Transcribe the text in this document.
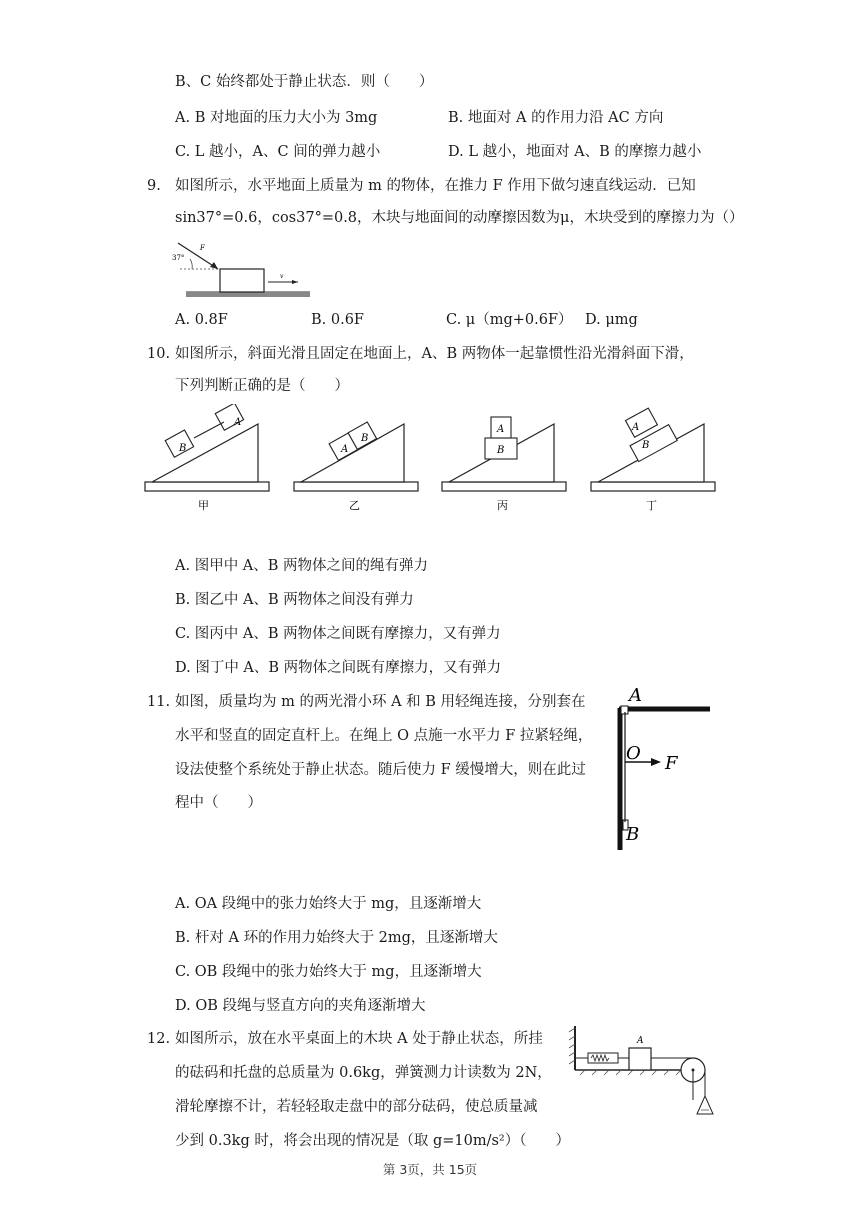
B、C 始终都处于静止状态．则（　　）
A. B 对地面的压力大小为 3mg	B. 地面对 A 的作用力沿 AC 方向
C. L 越小，A、C 间的弹力越小	D. L 越小，地面对 A、B 的摩擦力越小
9. 如图所示，水平地面上质量为 m 的物体，在推力 F 作用下做匀速直线运动．已知
sin37°=0.6，cos37°=0.8，木块与地面间的动摩擦因数为μ，木块受到的摩擦力为（）
37°
F
v
A. 0.8F	B. 0.6F	C. μ（mg+0.6F） D. μmg
10. 如图所示，斜面光滑且固定在地面上，A、B 两物体一起靠惯性沿光滑斜面下滑，
下列判断正确的是（　　）
B
A
甲
A
B
乙
A
B
丙
A
B
丁
A. 图甲中 A、B 两物体之间的绳有弹力
B. 图乙中 A、B 两物体之间没有弹力
C. 图丙中 A、B 两物体之间既有摩擦力，又有弹力
D. 图丁中 A、B 两物体之间既有摩擦力，又有弹力
11. 如图，质量均为 m 的两光滑小环 A 和 B 用轻绳连接，分别套在
水平和竖直的固定直杆上。在绳上 O 点施一水平力 F 拉紧轻绳，
设法使整个系统处于静止状态。随后使力 F 缓慢增大，则在此过
程中（　　）
A
O F
B
A. OA 段绳中的张力始终大于 mg，且逐渐增大
B. 杆对 A 环的作用力始终大于 2mg，且逐渐增大
C. OB 段绳中的张力始终大于 mg，且逐渐增大
D. OB 段绳与竖直方向的夹角逐渐增大
12. 如图所示，放在水平桌面上的木块 A 处于静止状态，所挂
的砝码和托盘的总质量为 0.6kg，弹簧测力计读数为 2N，
滑轮摩擦不计，若轻轻取走盘中的部分砝码，使总质量减
少到 0.3kg 时，将会出现的情况是（取 g=10m/s²）（　　）
A
第 3页，共 15页
